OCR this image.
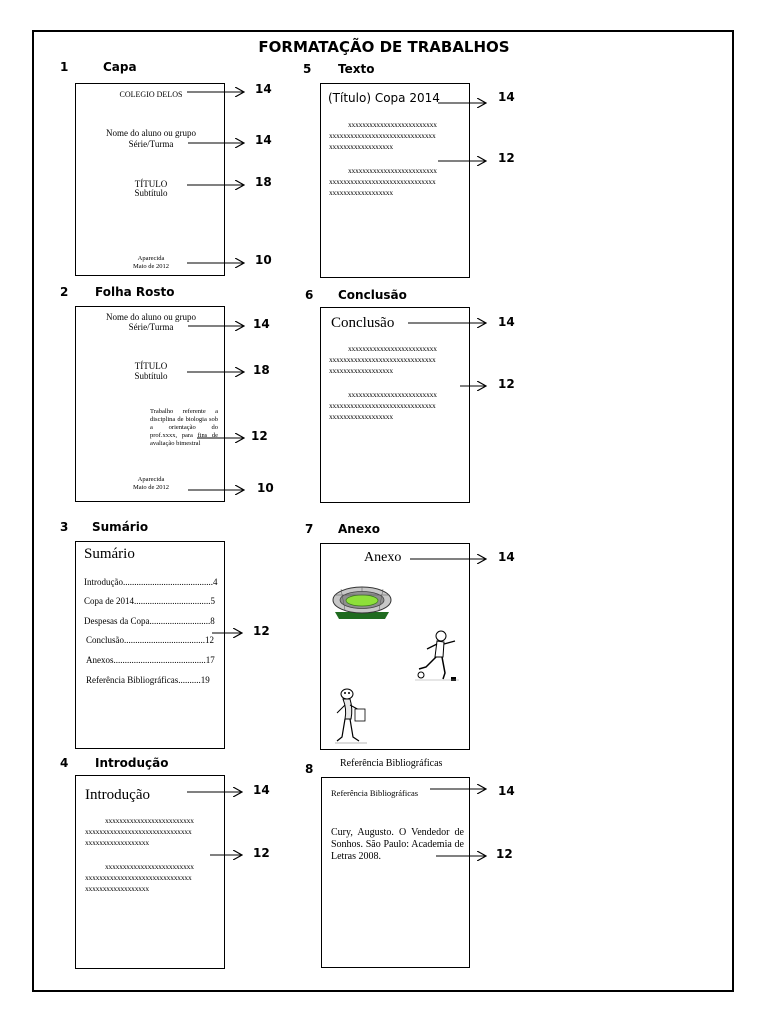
FORMATAÇÃO DE TRABALHOS
1	Capa
2 Folha Rosto
3 Sumário
4 Introdução
5 Texto
6 Conclusão
7 Anexo
8	Referência Bibliográficas
COLEGIO DELOS
Nome do aluno ou grupo
Série/Turma
TÍTULO
Subtítulo
Aparecida
Maio de 2012
Nome do aluno ou grupo
Série/Turma
TÍTULO
Subtítulo
Trabalho referente a disciplina de biologia sob a orientação do prof.xxxx, para fins de avaliação bimestral
Aparecida
Maio de 2012
Sumário
Introdução........................................4
Copa de 2014..................................5
Despesas da Copa...........................8
Conclusão....................................12
Anexos.........................................17
Referência Bibliográficas..........19
Introdução
xxxxxxxxxxxxxxxxxxxxxxxxx
xxxxxxxxxxxxxxxxxxxxxxxxxxxxxx
xxxxxxxxxxxxxxxxxx
xxxxxxxxxxxxxxxxxxxxxxxxx
xxxxxxxxxxxxxxxxxxxxxxxxxxxxxx
xxxxxxxxxxxxxxxxxx
(Título) Copa 2014
xxxxxxxxxxxxxxxxxxxxxxxxx
xxxxxxxxxxxxxxxxxxxxxxxxxxxxxx
xxxxxxxxxxxxxxxxxx
xxxxxxxxxxxxxxxxxxxxxxxxx
xxxxxxxxxxxxxxxxxxxxxxxxxxxxxx
xxxxxxxxxxxxxxxxxx
Conclusão
xxxxxxxxxxxxxxxxxxxxxxxxx
xxxxxxxxxxxxxxxxxxxxxxxxxxxxxx
xxxxxxxxxxxxxxxxxx
xxxxxxxxxxxxxxxxxxxxxxxxx
xxxxxxxxxxxxxxxxxxxxxxxxxxxxxx
xxxxxxxxxxxxxxxxxx
Anexo
Referência Bibliográficas
Cury, Augusto. O Vendedor de Sonhos. São Paulo: Academia de Letras 2008.
14
14
18
10
14
18
12
10
12
14
12
14
12
14
12
14
14
12
